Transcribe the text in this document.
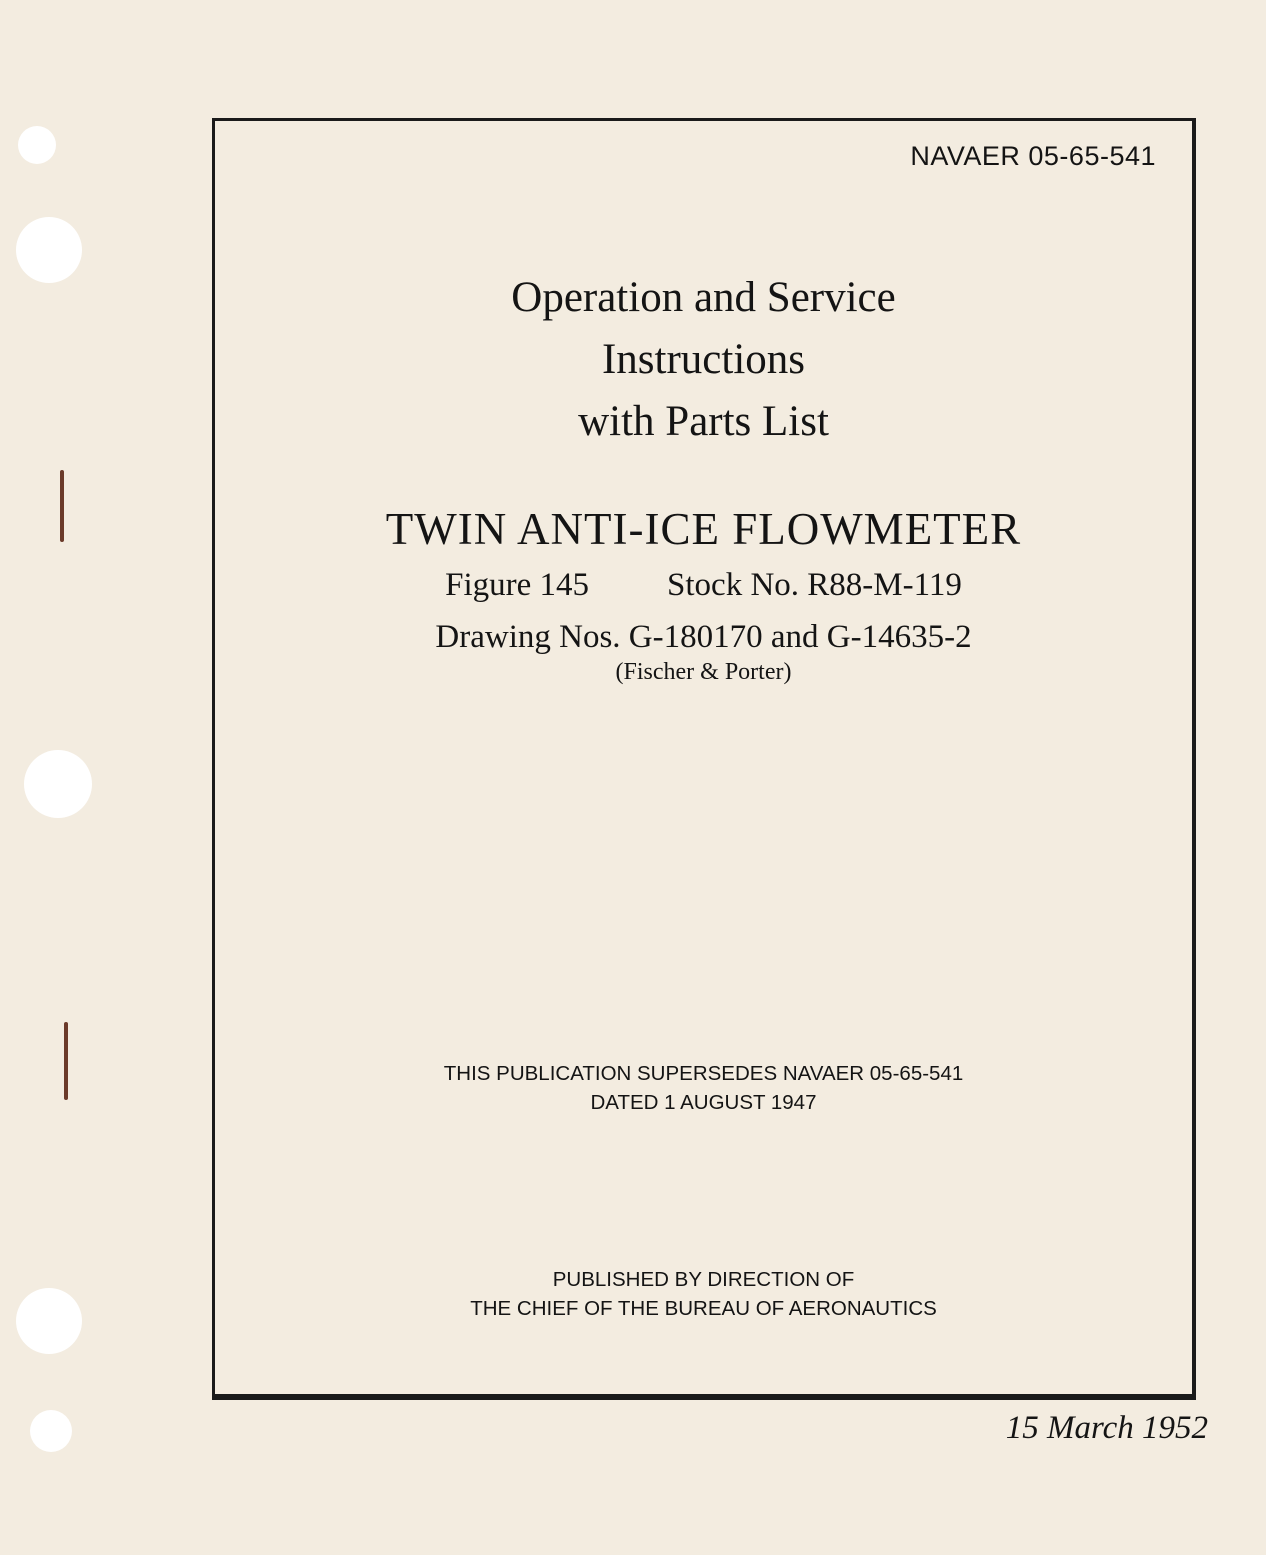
NAVAER 05-65-541
Operation and Service
Instructions
with Parts List
TWIN ANTI-ICE FLOWMETER
Figure 145 Stock No. R88-M-119
Drawing Nos. G-180170 and G-14635-2
(Fischer & Porter)
THIS PUBLICATION SUPERSEDES NAVAER 05-65-541
DATED 1 AUGUST 1947
PUBLISHED BY DIRECTION OF
THE CHIEF OF THE BUREAU OF AERONAUTICS
15 March 1952
